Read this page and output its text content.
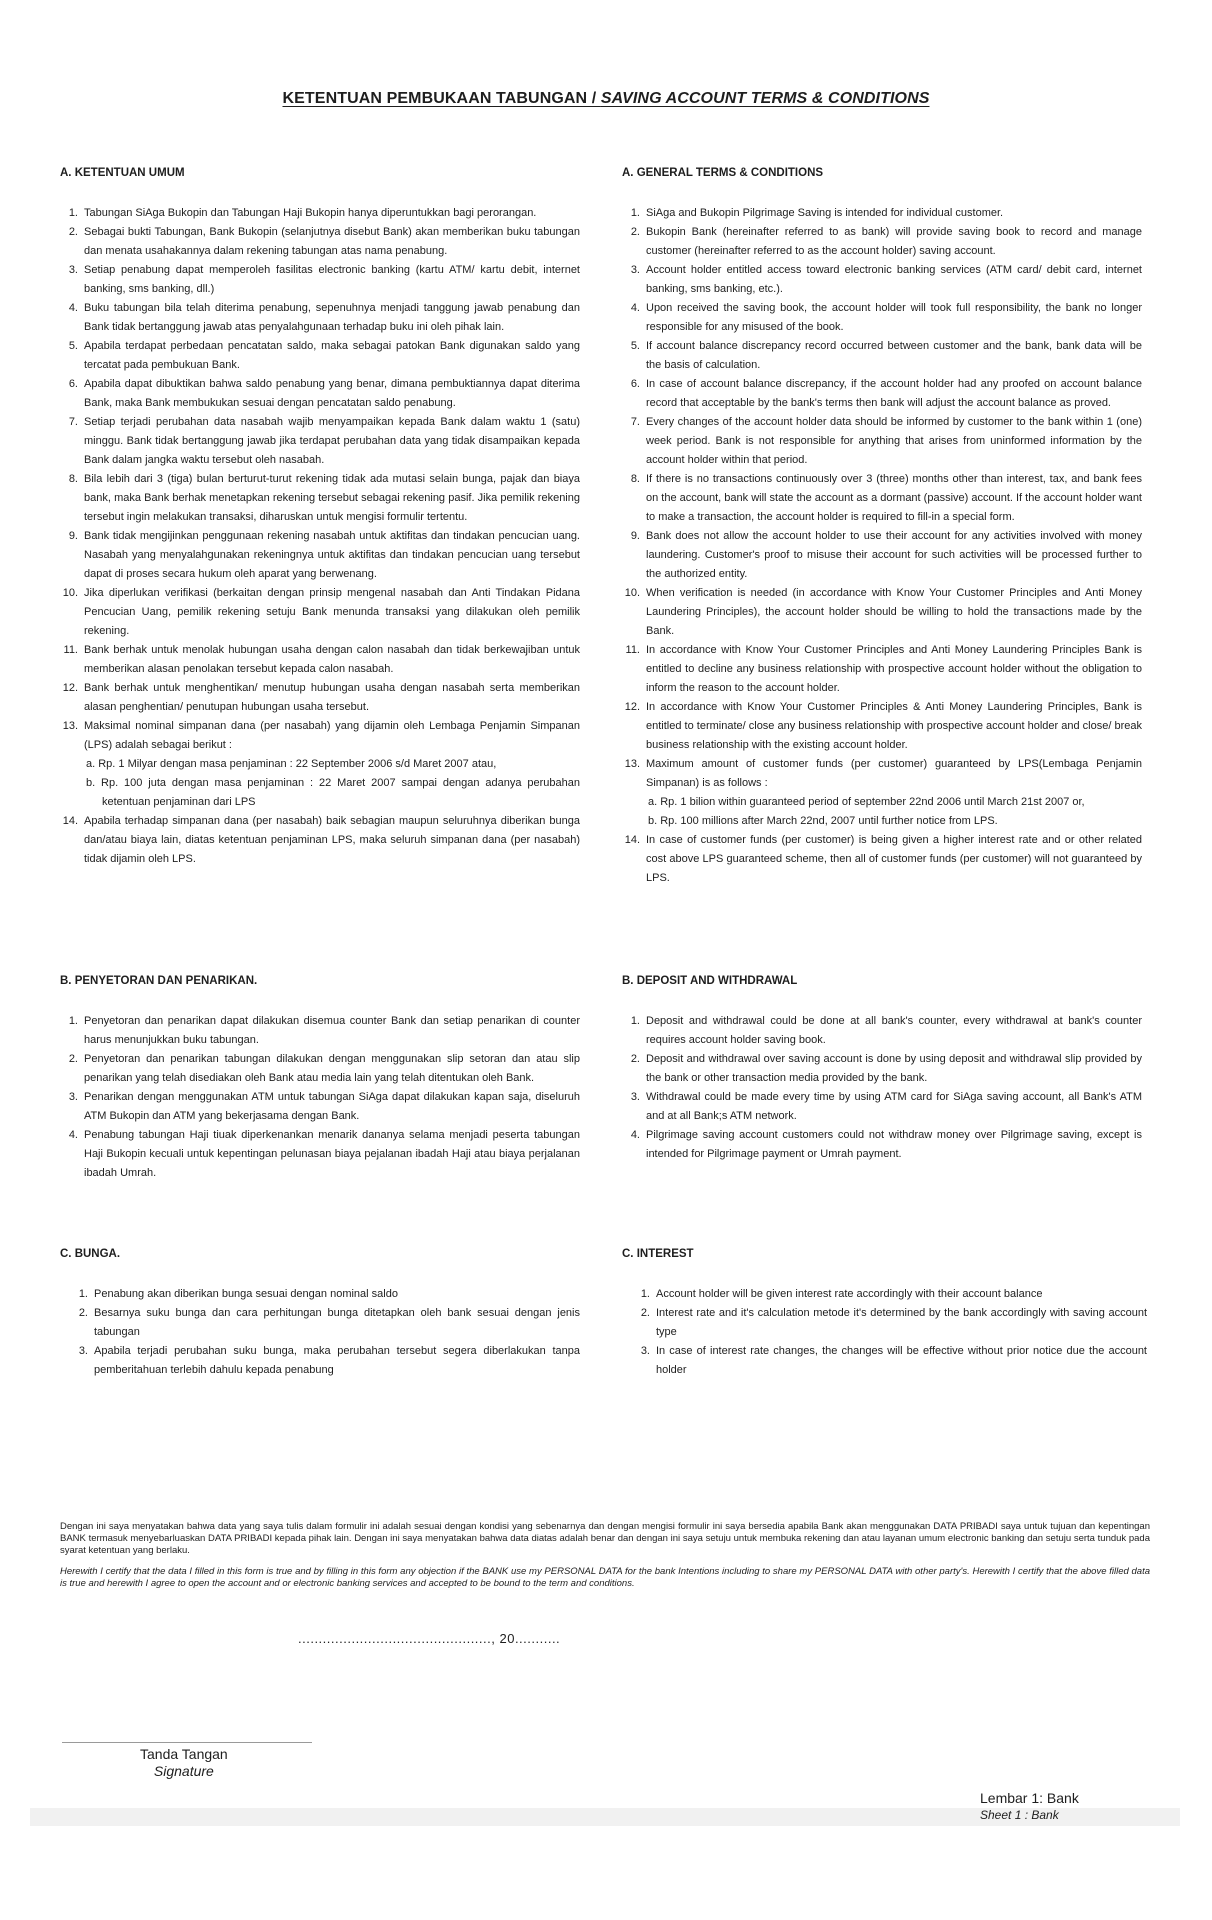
KETENTUAN PEMBUKAAN TABUNGAN / SAVING ACCOUNT TERMS & CONDITIONS
A. KETENTUAN UMUM	A. GENERAL TERMS & CONDITIONS
1. Tabungan SiAga Bukopin dan Tabungan Haji Bukopin hanya diperuntukkan bagi perorangan.
2. Sebagai bukti Tabungan, Bank Bukopin (selanjutnya disebut Bank) akan memberikan buku tabungan dan menata usahakannya dalam rekening tabungan atas nama penabung.
3. Setiap penabung dapat memperoleh fasilitas electronic banking (kartu ATM/ kartu debit, internet banking, sms banking, dll.)
4. Buku tabungan bila telah diterima penabung, sepenuhnya menjadi tanggung jawab penabung dan Bank tidak bertanggung jawab atas penyalahgunaan terhadap buku ini oleh pihak lain.
5. Apabila terdapat perbedaan pencatatan saldo, maka sebagai patokan Bank digunakan saldo yang tercatat pada pembukuan Bank.
6. Apabila dapat dibuktikan bahwa saldo penabung yang benar, dimana pembuktiannya dapat diterima Bank, maka Bank membukukan sesuai dengan pencatatan saldo penabung.
7. Setiap terjadi perubahan data nasabah wajib menyampaikan kepada Bank dalam waktu 1 (satu) minggu. Bank tidak bertanggung jawab jika terdapat perubahan data yang tidak disampaikan kepada Bank dalam jangka waktu tersebut oleh nasabah.
8. Bila lebih dari 3 (tiga) bulan berturut-turut rekening tidak ada mutasi selain bunga, pajak dan biaya bank, maka Bank berhak menetapkan rekening tersebut sebagai rekening pasif. Jika pemilik rekening tersebut ingin melakukan transaksi, diharuskan untuk mengisi formulir tertentu.
9. Bank tidak mengijinkan penggunaan rekening nasabah untuk aktifitas dan tindakan pencucian uang. Nasabah yang menyalahgunakan rekeningnya untuk aktifitas dan tindakan pencucian uang tersebut dapat di proses secara hukum oleh aparat yang berwenang.
10. Jika diperlukan verifikasi (berkaitan dengan prinsip mengenal nasabah dan Anti Tindakan Pidana Pencucian Uang, pemilik rekening setuju Bank menunda transaksi yang dilakukan oleh pemilik rekening.
11. Bank berhak untuk menolak hubungan usaha dengan calon nasabah dan tidak berkewajiban untuk memberikan alasan penolakan tersebut kepada calon nasabah.
12. Bank berhak untuk menghentikan/ menutup hubungan usaha dengan nasabah serta memberikan alasan penghentian/ penutupan hubungan usaha tersebut.
13. Maksimal nominal simpanan dana (per nasabah) yang dijamin oleh Lembaga Penjamin Simpanan (LPS) adalah sebagai berikut :
a. Rp. 1 Milyar dengan masa penjaminan : 22 September 2006 s/d Maret 2007 atau,
b. Rp. 100 juta dengan masa penjaminan : 22 Maret 2007 sampai dengan adanya perubahan ketentuan penjaminan dari LPS
14. Apabila terhadap simpanan dana (per nasabah) baik sebagian maupun seluruhnya diberikan bunga dan/atau biaya lain, diatas ketentuan penjaminan LPS, maka seluruh simpanan dana (per nasabah) tidak dijamin oleh LPS.
1. SiAga and Bukopin Pilgrimage Saving is intended for individual customer.
2. Bukopin Bank (hereinafter referred to as bank) will provide saving book to record and manage customer (hereinafter referred to as the account holder) saving account.
3. Account holder entitled access toward electronic banking services (ATM card/ debit card, internet banking, sms banking, etc.).
4. Upon received the saving book, the account holder will took full responsibility, the bank no longer responsible for any misused of the book.
5. If account balance discrepancy record occurred between customer and the bank, bank data will be the basis of calculation.
6. In case of account balance discrepancy, if the account holder had any proofed on account balance record that acceptable by the bank's terms then bank will adjust the account balance as proved.
7. Every changes of the account holder data should be informed by customer to the bank within 1 (one) week period. Bank is not responsible for anything that arises from uninformed information by the account holder within that period.
8. If there is no transactions continuously over 3 (three) months other than interest, tax, and bank fees on the account, bank will state the account as a dormant (passive) account. If the account holder want to make a transaction, the account holder is required to fill-in a special form.
9. Bank does not allow the account holder to use their account for any activities involved with money laundering. Customer's proof to misuse their account for such activities will be processed further to the authorized entity.
10. When verification is needed (in accordance with Know Your Customer Principles and Anti Money Laundering Principles), the account holder should be willing to hold the transactions made by the Bank.
11. In accordance with Know Your Customer Principles and Anti Money Laundering Principles Bank is entitled to decline any business relationship with prospective account holder without the obligation to inform the reason to the account holder.
12. In accordance with Know Your Customer Principles & Anti Money Laundering Principles, Bank is entitled to terminate/ close any business relationship with prospective account holder and close/ break business relationship with the existing account holder.
13. Maximum amount of customer funds (per customer) guaranteed by LPS(Lembaga Penjamin Simpanan) is as follows :
a. Rp. 1 bilion within guaranteed period of september 22nd 2006 until March 21st 2007 or,
b. Rp. 100 millions after March 22nd, 2007 until further notice from LPS.
14. In case of customer funds (per customer) is being given a higher interest rate and or other related cost above LPS guaranteed scheme, then all of customer funds (per customer) will not guaranteed by LPS.
B. PENYETORAN DAN PENARIKAN.	B. DEPOSIT AND WITHDRAWAL
1. Penyetoran dan penarikan dapat dilakukan disemua counter Bank dan setiap penarikan di counter harus menunjukkan buku tabungan.
2. Penyetoran dan penarikan tabungan dilakukan dengan menggunakan slip setoran dan atau slip penarikan yang telah disediakan oleh Bank atau media lain yang telah ditentukan oleh Bank.
3. Penarikan dengan menggunakan ATM untuk tabungan SiAga dapat dilakukan kapan saja, diseluruh ATM Bukopin dan ATM yang bekerjasama dengan Bank.
4. Penabung tabungan Haji tiuak diperkenankan menarik dananya selama menjadi peserta tabungan Haji Bukopin kecuali untuk kepentingan pelunasan biaya pejalanan ibadah Haji atau biaya perjalanan ibadah Umrah.
1. Deposit and withdrawal could be done at all bank's counter, every withdrawal at bank's counter requires account holder saving book.
2. Deposit and withdrawal over saving account is done by using deposit and withdrawal slip provided by the bank or other transaction media provided by the bank.
3. Withdrawal could be made every time by using ATM card for SiAga saving account, all Bank's ATM and at all Bank;s ATM network.
4. Pilgrimage saving account customers could not withdraw money over Pilgrimage saving, except is intended for Pilgrimage payment or Umrah payment.
C. BUNGA.	C. INTEREST
1. Penabung akan diberikan bunga sesuai dengan nominal saldo
2. Besarnya suku bunga dan cara perhitungan bunga ditetapkan oleh bank sesuai dengan jenis tabungan
3. Apabila terjadi perubahan suku bunga, maka perubahan tersebut segera diberlakukan tanpa pemberitahuan terlebih dahulu kepada penabung
1. Account holder will be given interest rate accordingly with their account balance
2. Interest rate and it's calculation metode it's determined by the bank accordingly with saving account type
3. In case of interest rate changes, the changes will be effective without prior notice due the account holder
Dengan ini saya menyatakan bahwa data yang saya tulis dalam formulir ini adalah sesuai dengan kondisi yang sebenarnya dan dengan mengisi formulir ini saya bersedia apabila Bank akan menggunakan DATA PRIBADI saya untuk tujuan dan kepentingan BANK termasuk menyebarluaskan DATA PRIBADI kepada pihak lain. Dengan ini saya menyatakan bahwa data diatas adalah benar dan dengan ini saya setuju untuk membuka rekening dan atau layanan umum electronic banking dan setuju serta tunduk pada syarat ketentuan yang berlaku.
Herewith I certify that the data I filled in this form is true and by filling in this form any objection if the BANK use my PERSONAL DATA for the bank Intentions including to share my PERSONAL DATA with other party's. Herewith I certify that the above filled data is true and herewith I agree to open the account and or electronic banking services and accepted to be bound to the term and conditions.
..............................................., 20...........
Tanda Tangan
Signature
Lembar 1: Bank
Sheet 1 : Bank
